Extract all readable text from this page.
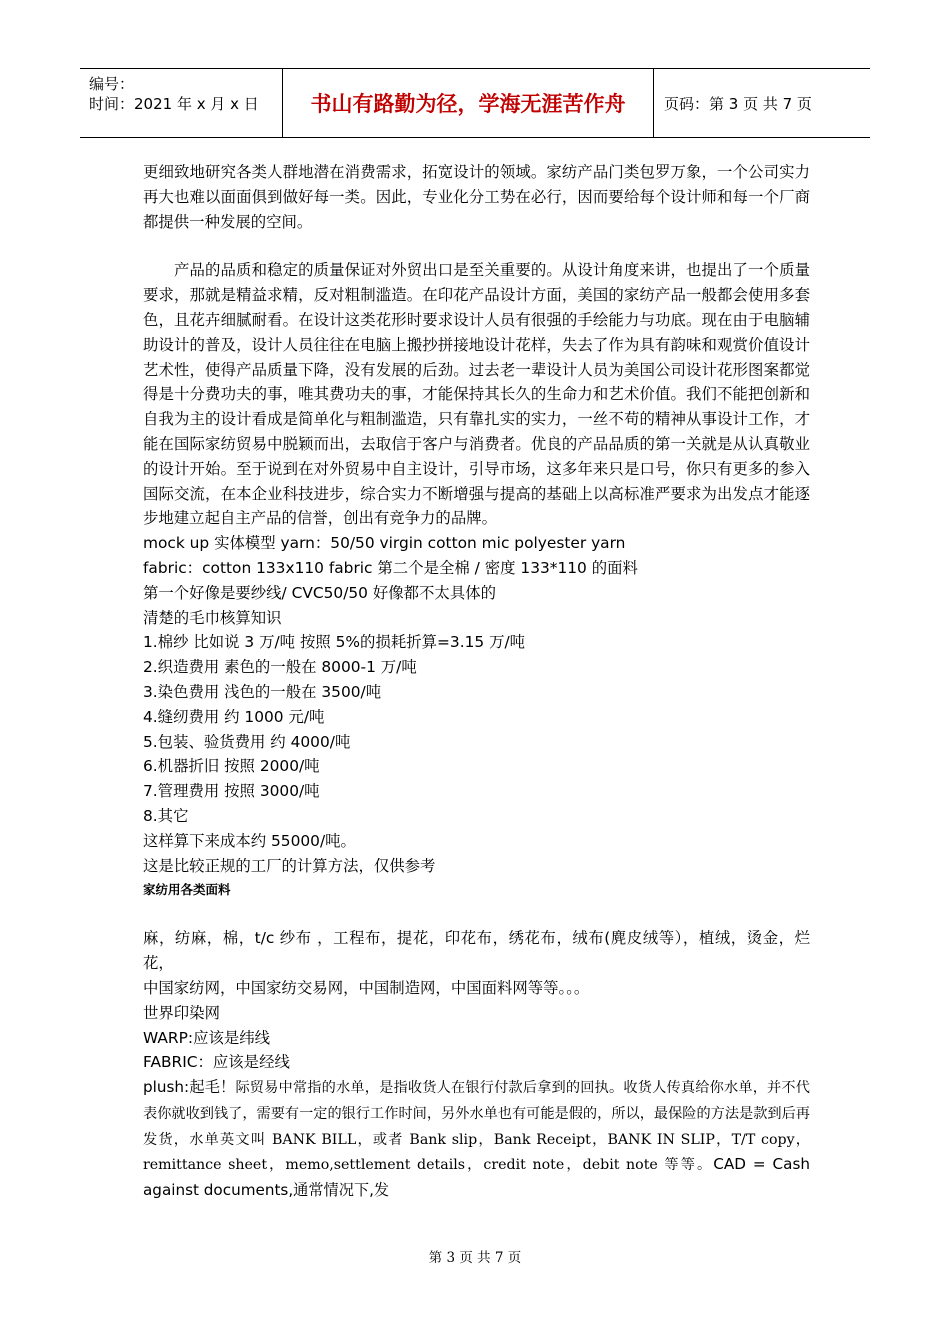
编号：
时间：2021 年 x 月 x 日	书山有路勤为径，学海无涯苦作舟	页码：第 3 页 共 7 页

更细致地研究各类人群地潜在消费需求，拓宽设计的领域。家纺产品门类包罗万象，一个公司实力再大也难以面面俱到做好每一类。因此，专业化分工势在必行，因而要给每个设计师和每一个厂商都提供一种发展的空间。

产品的品质和稳定的质量保证对外贸出口是至关重要的。从设计角度来讲，也提出了一个质量要求，那就是精益求精，反对粗制滥造。在印花产品设计方面，美国的家纺产品一般都会使用多套色，且花卉细腻耐看。在设计这类花形时要求设计人员有很强的手绘能力与功底。现在由于电脑辅助设计的普及，设计人员往往在电脑上搬抄拼接地设计花样，失去了作为具有韵味和观赏价值设计艺术性，使得产品质量下降，没有发展的后劲。过去老一辈设计人员为美国公司设计花形图案都觉得是十分费功夫的事，唯其费功夫的事，才能保持其长久的生命力和艺术价值。我们不能把创新和自我为主的设计看成是简单化与粗制滥造，只有靠扎实的实力，一丝不苟的精神从事设计工作，才能在国际家纺贸易中脱颖而出，去取信于客户与消费者。优良的产品品质的第一关就是从认真敬业的设计开始。至于说到在对外贸易中自主设计，引导市场，这多年来只是口号，你只有更多的参入国际交流，在本企业科技进步，综合实力不断增强与提高的基础上以高标准严要求为出发点才能逐步地建立起自主产品的信誉，创出有竞争力的品牌。

mock up 实体模型 yarn：50/50 virgin cotton mic polyester yarn

fabric：cotton 133x110 fabric 第二个是全棉 / 密度 133*110 的面料

第一个好像是要纱线/ CVC50/50 好像都不太具体的

清楚的毛巾核算知识

1.棉纱 比如说 3 万/吨 按照 5%的损耗折算=3.15 万/吨

2.织造费用 素色的一般在 8000-1 万/吨

3.染色费用 浅色的一般在 3500/吨

4.缝纫费用 约 1000 元/吨

5.包装、验货费用 约 4000/吨

6.机器折旧 按照 2000/吨

7.管理费用 按照 3000/吨

8.其它

这样算下来成本约 55000/吨。

这是比较正规的工厂的计算方法，仅供参考

家纺用各类面料

麻，纺麻，棉，t/c 纱布 ，工程布，提花，印花布，绣花布，绒布(麂皮绒等），植绒，烫金，烂花，

中国家纺网，中国家纺交易网，中国制造网，中国面料网等等。。。

世界印染网

WARP:应该是纬线

FABRIC：应该是经线

plush:起毛！际贸易中常指的水单，是指收货人在银行付款后拿到的回执。收货人传真给你水单，并不代表你就收到钱了，需要有一定的银行工作时间，另外水单也有可能是假的，所以，最保险的方法是款到后再发货，水单英文叫 BANK BILL，或者 Bank slip，Bank Receipt，BANK IN SLIP，T/T copy，remittance sheet，memo,settlement details，credit note，debit note 等等。CAD = Cash against documents,通常情况下,发

第 3 页 共 7 页
